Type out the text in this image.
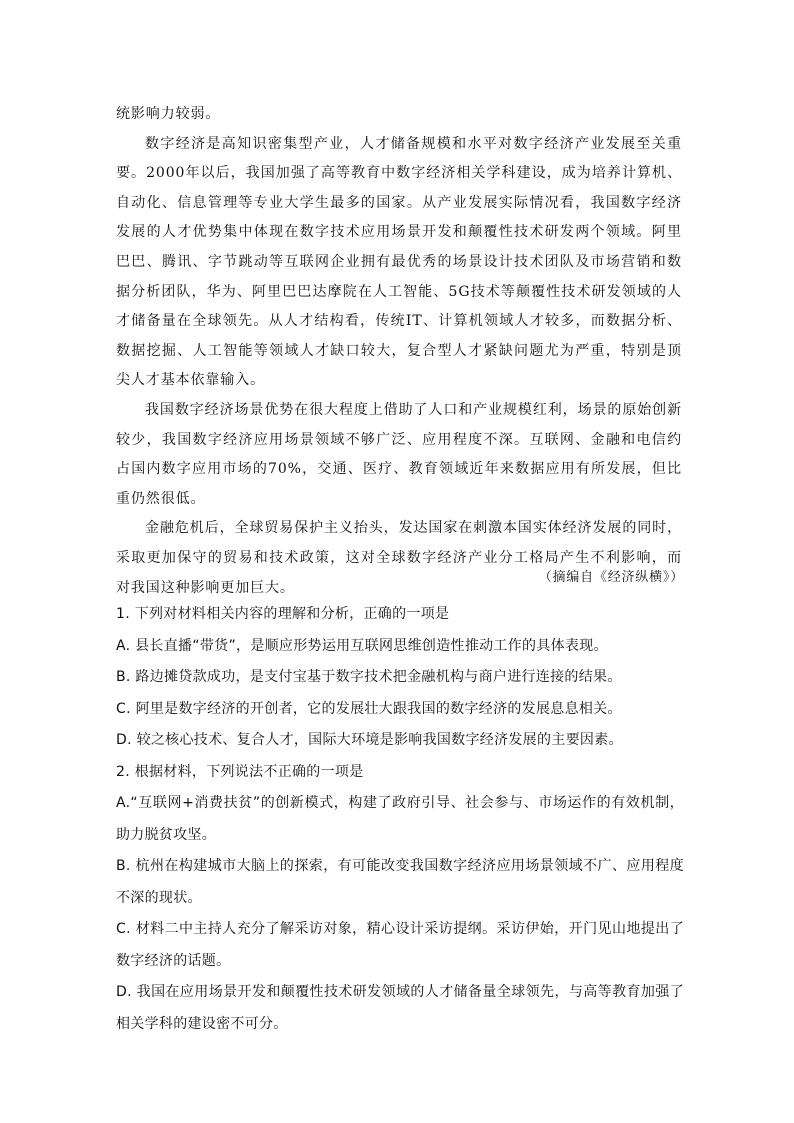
统影响力较弱。

数字经济是高知识密集型产业，人才储备规模和水平对数字经济产业发展至关重要。2000年以后，我国加强了高等教育中数字经济相关学科建设，成为培养计算机、自动化、信息管理等专业大学生最多的国家。从产业发展实际情况看，我国数字经济发展的人才优势集中体现在数字技术应用场景开发和颠覆性技术研发两个领域。阿里巴巴、腾讯、字节跳动等互联网企业拥有最优秀的场景设计技术团队及市场营销和数据分析团队，华为、阿里巴巴达摩院在人工智能、5G技术等颠覆性技术研发领域的人才储备量在全球领先。从人才结构看，传统IT、计算机领域人才较多，而数据分析、数据挖掘、人工智能等领域人才缺口较大，复合型人才紧缺问题尤为严重，特别是顶尖人才基本依靠输入。

我国数字经济场景优势在很大程度上借助了人口和产业规模红利，场景的原始创新较少，我国数字经济应用场景领域不够广泛、应用程度不深。互联网、金融和电信约占国内数字应用市场的70%，交通、医疗、教育领域近年来数据应用有所发展，但比重仍然很低。

金融危机后，全球贸易保护主义抬头，发达国家在刺激本国实体经济发展的同时，采取更加保守的贸易和技术政策，这对全球数字经济产业分工格局产生不利影响，而对我国这种影响更加巨大。

（摘编自《经济纵横》）

1. 下列对材料相关内容的理解和分析，正确的一项是

A. 县长直播“带货”，是顺应形势运用互联网思维创造性推动工作的具体表现。

B. 路边摊贷款成功，是支付宝基于数字技术把金融机构与商户进行连接的结果。

C. 阿里是数字经济的开创者，它的发展壮大跟我国的数字经济的发展息息相关。

D. 较之核心技术、复合人才，国际大环境是影响我国数字经济发展的主要因素。

2. 根据材料，下列说法不正确的一项是

A.“互联网+消费扶贫”的创新模式，构建了政府引导、社会参与、市场运作的有效机制，助力脱贫攻坚。

B. 杭州在构建城市大脑上的探索，有可能改变我国数字经济应用场景领域不广、应用程度不深的现状。

C. 材料二中主持人充分了解采访对象，精心设计采访提纲。采访伊始，开门见山地提出了数字经济的话题。

D. 我国在应用场景开发和颠覆性技术研发领域的人才储备量全球领先，与高等教育加强了相关学科的建设密不可分。
